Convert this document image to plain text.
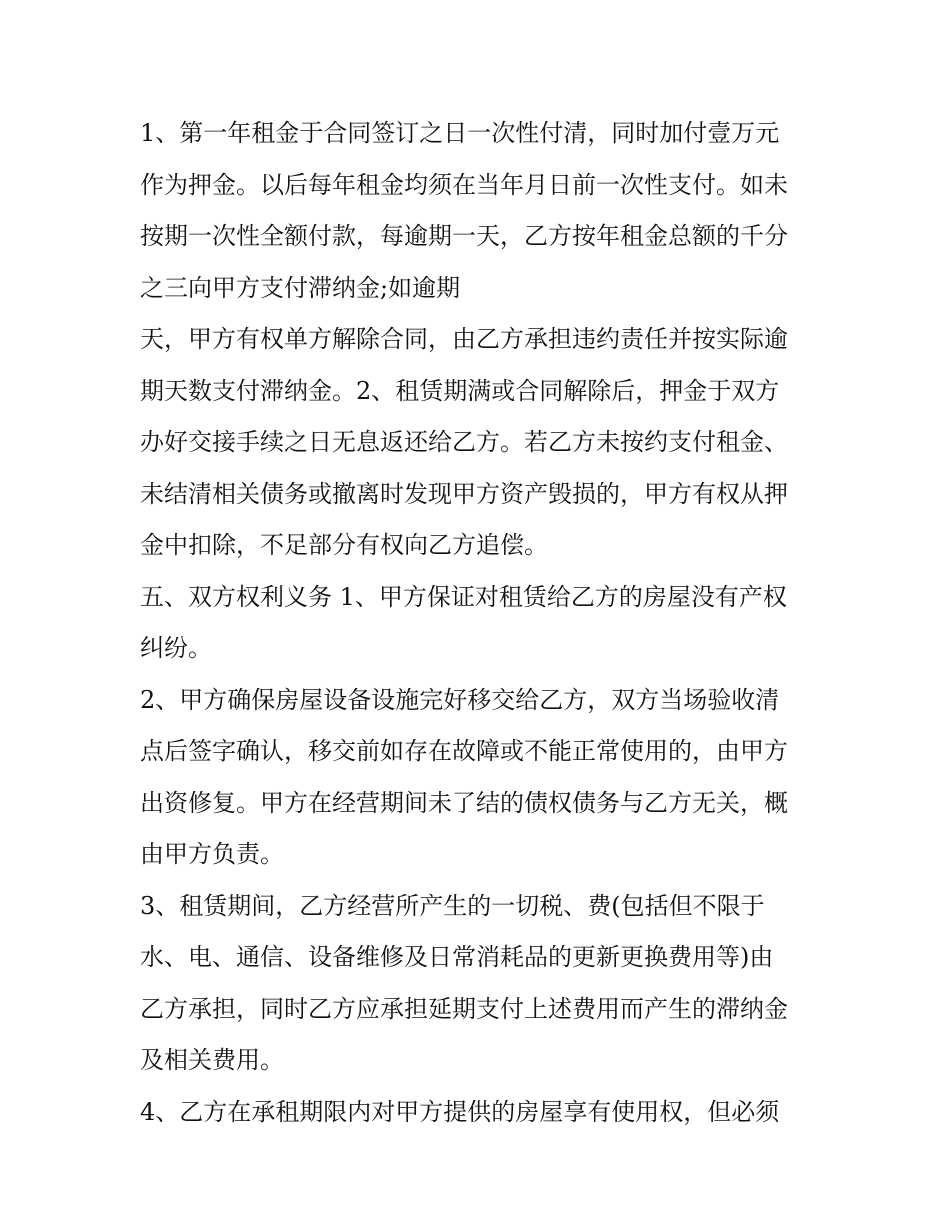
1、第一年租金于合同签订之日一次性付清，同时加付壹万元
作为押金。以后每年租金均须在当年月日前一次性支付。如未
按期一次性全额付款，每逾期一天，乙方按年租金总额的千分
之三向甲方支付滞纳金;如逾期
天，甲方有权单方解除合同，由乙方承担违约责任并按实际逾
期天数支付滞纳金。2、租赁期满或合同解除后，押金于双方
办好交接手续之日无息返还给乙方。若乙方未按约支付租金、
未结清相关债务或撤离时发现甲方资产毁损的，甲方有权从押
金中扣除，不足部分有权向乙方追偿。
五、双方权利义务 1、甲方保证对租赁给乙方的房屋没有产权
纠纷。
2、甲方确保房屋设备设施完好移交给乙方，双方当场验收清
点后签字确认，移交前如存在故障或不能正常使用的，由甲方
出资修复。甲方在经营期间未了结的债权债务与乙方无关，概
由甲方负责。
3、租赁期间，乙方经营所产生的一切税、费(包括但不限于
水、电、通信、设备维修及日常消耗品的更新更换费用等)由
乙方承担，同时乙方应承担延期支付上述费用而产生的滞纳金
及相关费用。
4、乙方在承租期限内对甲方提供的房屋享有使用权，但必须
